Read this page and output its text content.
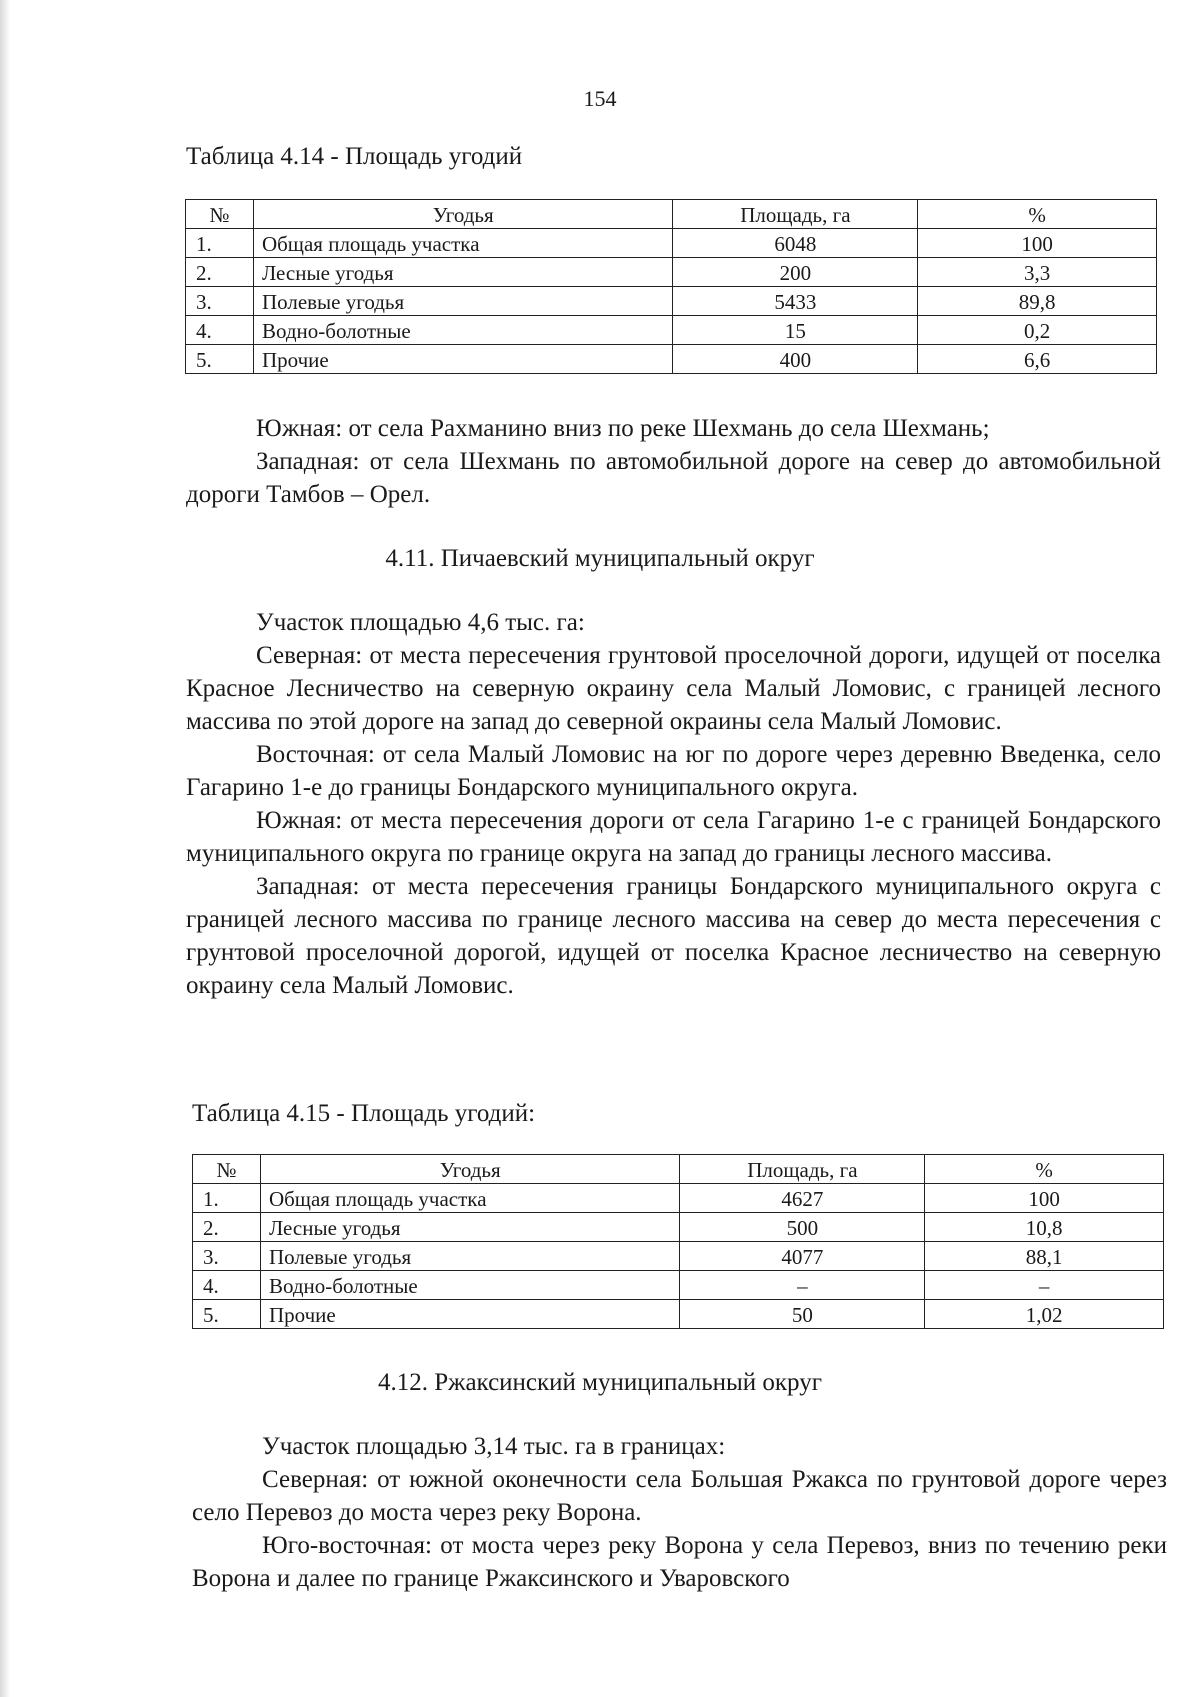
154
Таблица 4.14 - Площадь угодий
№	Угодья	Площадь, га	%
1.	Общая площадь участка	6048	100
2.	Лесные угодья	200	3,3
3.	Полевые угодья	5433	89,8
4.	Водно-болотные	15	0,2
5.	Прочие	400	6,6

Южная: от села Рахманино вниз по реке Шехмань до села Шехмань;

Западная: от села Шехмань по автомобильной дороге на север до автомобильной дороги Тамбов – Орел.

4.11. Пичаевский муниципальный округ

Участок площадью 4,6 тыс. га:

Северная: от места пересечения грунтовой проселочной дороги, идущей от поселка Красное Лесничество на северную окраину села Малый Ломовис, с границей лесного массива по этой дороге на запад до северной окраины села Малый Ломовис.

Восточная: от села Малый Ломовис на юг по дороге через деревню Введенка, село Гагарино 1-е до границы Бондарского муниципального округа.

Южная: от места пересечения дороги от села Гагарино 1-е с границей Бондарского муниципального округа по границе округа на запад до границы лесного массива.

Западная: от места пересечения границы Бондарского муниципального округа с границей лесного массива по границе лесного массива на север до места пересечения с грунтовой проселочной дорогой, идущей от поселка Красное лесничество на северную окраину села Малый Ломовис.

Таблица 4.15 - Площадь угодий:
№	Угодья	Площадь, га	%
1.	Общая площадь участка	4627	100
2.	Лесные угодья	500	10,8
3.	Полевые угодья	4077	88,1
4.	Водно-болотные	–	–
5.	Прочие	50	1,02
4.12. Ржаксинский муниципальный округ

Участок площадью 3,14 тыс. га в границах:

Северная: от южной оконечности села Большая Ржакса по грунтовой дороге через село Перевоз до моста через реку Ворона.

Юго-восточная: от моста через реку Ворона у села Перевоз, вниз по течению реки Ворона и далее по границе Ржаксинского и Уваровского
